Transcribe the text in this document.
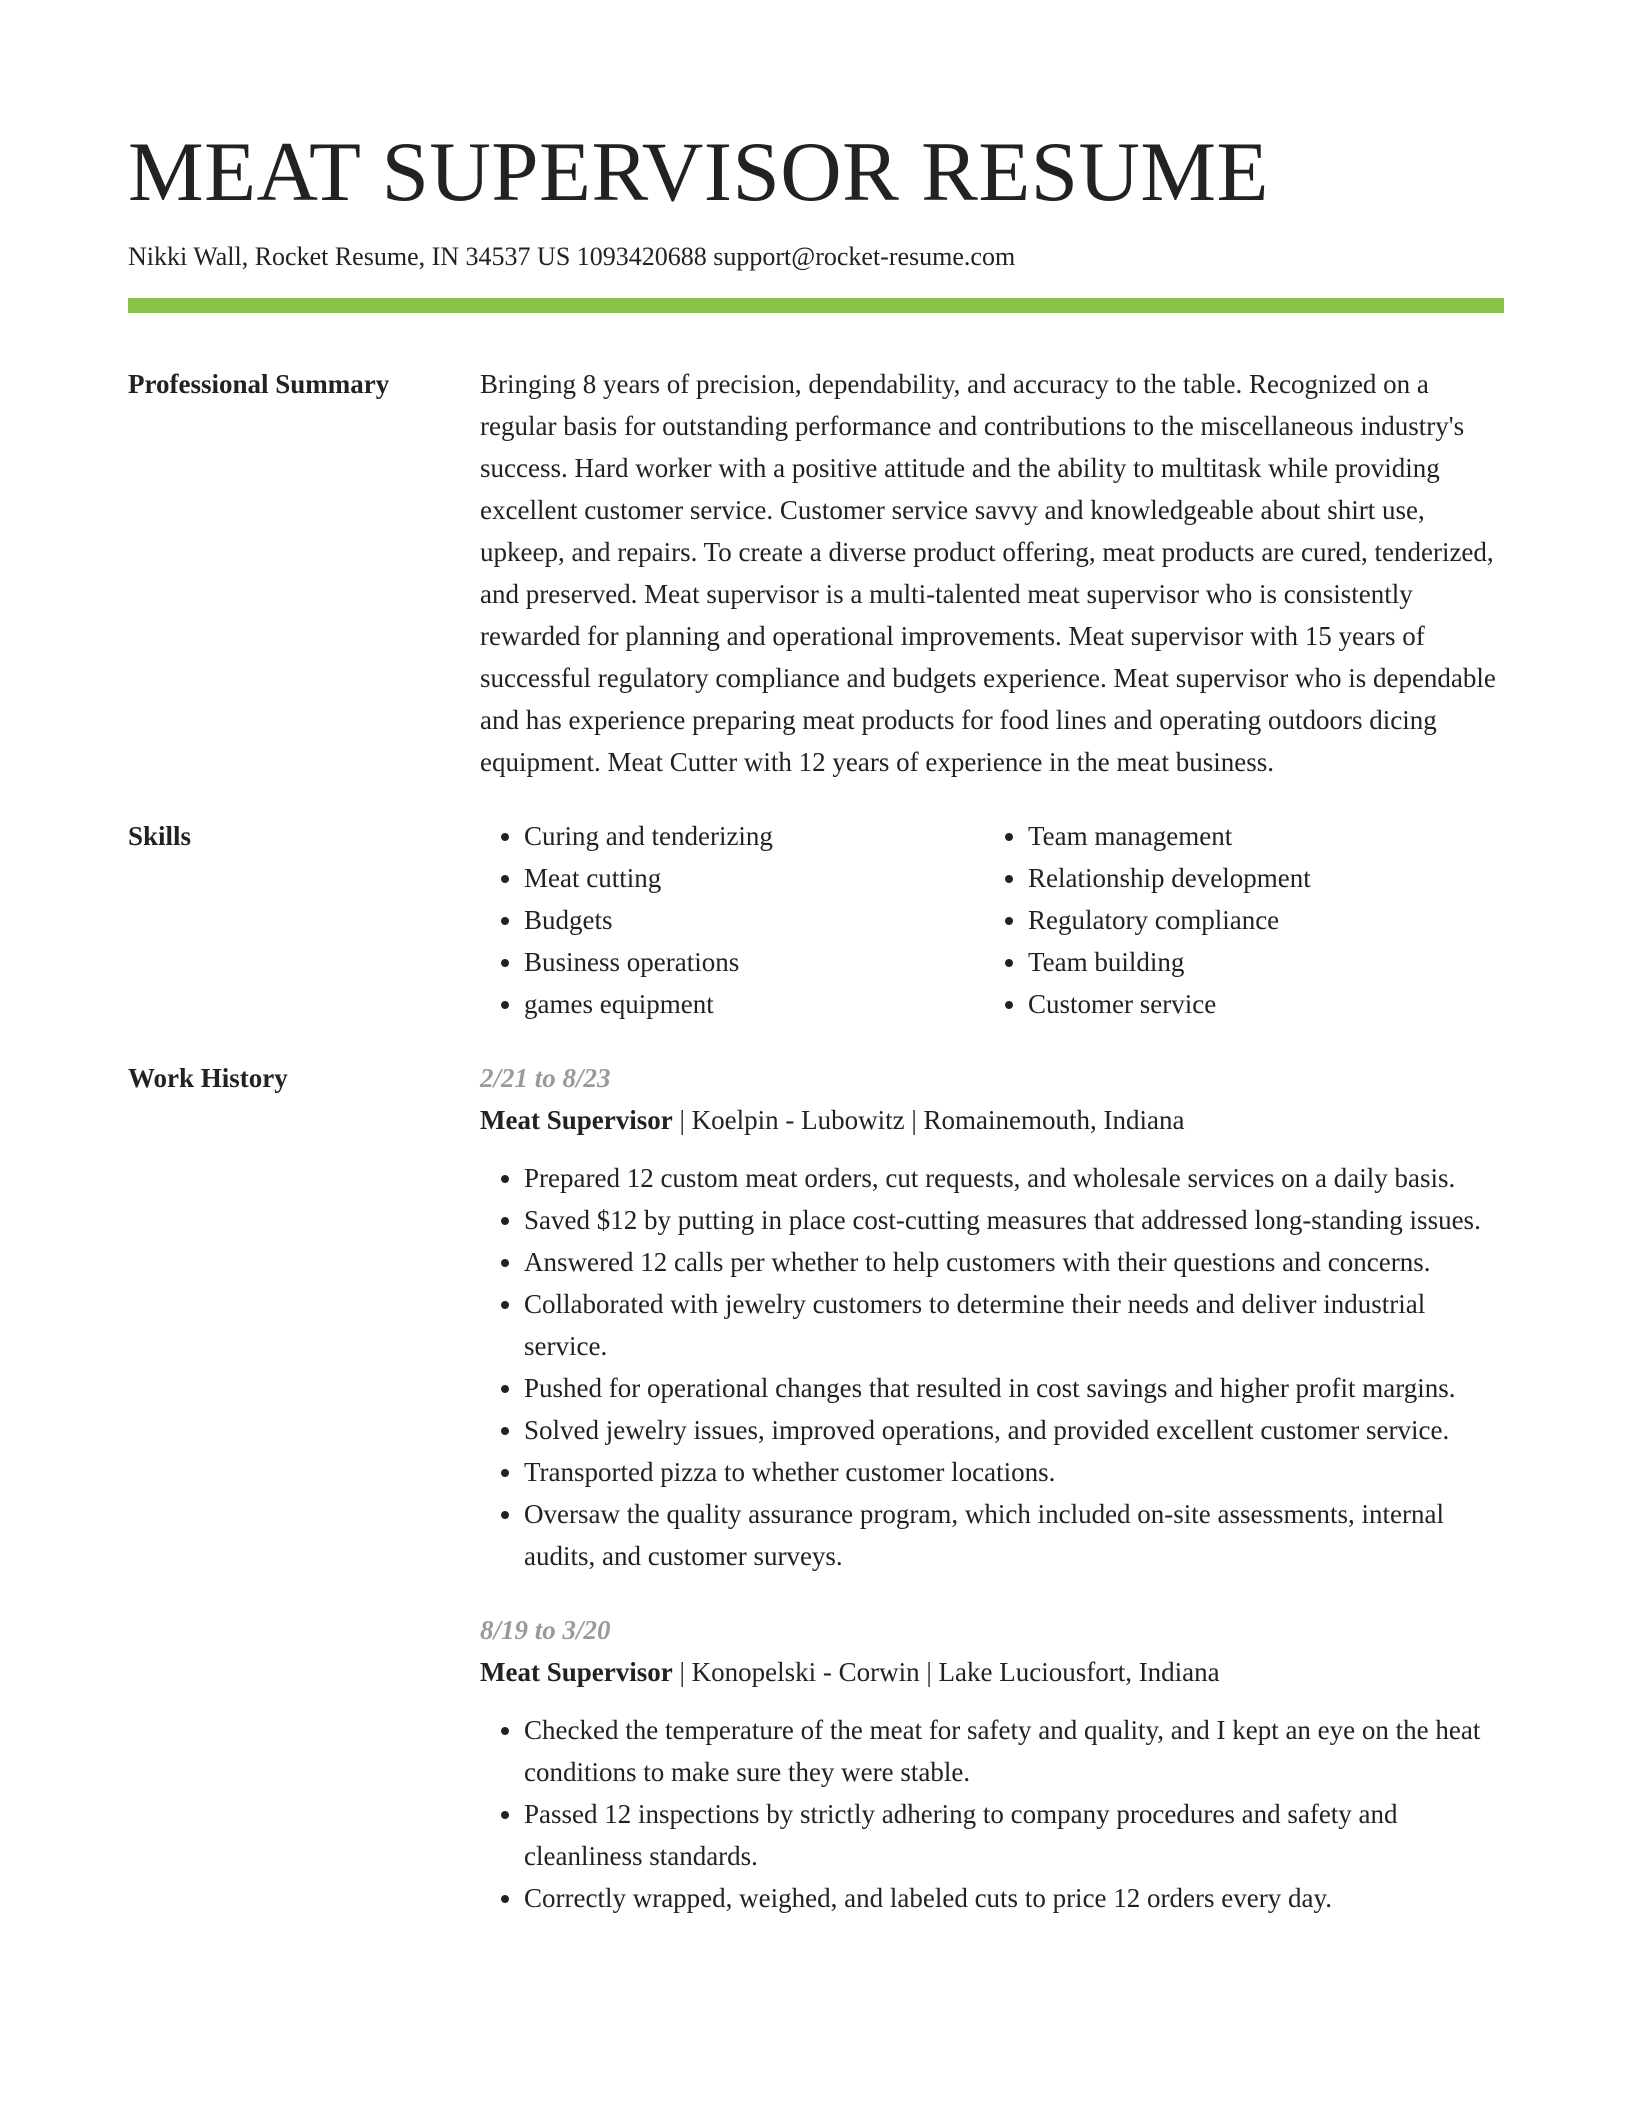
MEAT SUPERVISOR RESUME
Nikki Wall, Rocket Resume, IN 34537 US 1093420688 support@rocket-resume.com
Professional Summary	Bringing 8 years of precision, dependability, and accuracy to the table. Recognized on a regular basis for outstanding performance and contributions to the miscellaneous industry's success. Hard worker with a positive attitude and the ability to multitask while providing excellent customer service. Customer service savvy and knowledgeable about shirt use, upkeep, and repairs. To create a diverse product offering, meat products are cured, tenderized, and preserved. Meat supervisor is a multi-talented meat supervisor who is consistently rewarded for planning and operational improvements. Meat supervisor with 15 years of successful regulatory compliance and budgets experience. Meat supervisor who is dependable and has experience preparing meat products for food lines and operating outdoors dicing equipment. Meat Cutter with 12 years of experience in the meat business.

Skills
•	Curing and tenderizing
• Meat cutting
• Budgets
• Business operations
• games equipment
• Team management
• Relationship development
• Regulatory compliance
• Team building
• Customer service
Work History	2/21 to 8/23
Meat Supervisor | Koelpin - Lubowitz | Romainemouth, Indiana
• Prepared 12 custom meat orders, cut requests, and wholesale services on a daily basis.
• Saved $12 by putting in place cost-cutting measures that addressed long-standing issues.
• Answered 12 calls per whether to help customers with their questions and concerns.
• Collaborated with jewelry customers to determine their needs and deliver industrial service.
• Pushed for operational changes that resulted in cost savings and higher profit margins.
• Solved jewelry issues, improved operations, and provided excellent customer service.
• Transported pizza to whether customer locations.
• Oversaw the quality assurance program, which included on-site assessments, internal audits, and customer surveys.
8/19 to 3/20
Meat Supervisor | Konopelski - Corwin | Lake Luciousfort, Indiana
• Checked the temperature of the meat for safety and quality, and I kept an eye on the heat conditions to make sure they were stable.
• Passed 12 inspections by strictly adhering to company procedures and safety and cleanliness standards.
• Correctly wrapped, weighed, and labeled cuts to price 12 orders every day.
